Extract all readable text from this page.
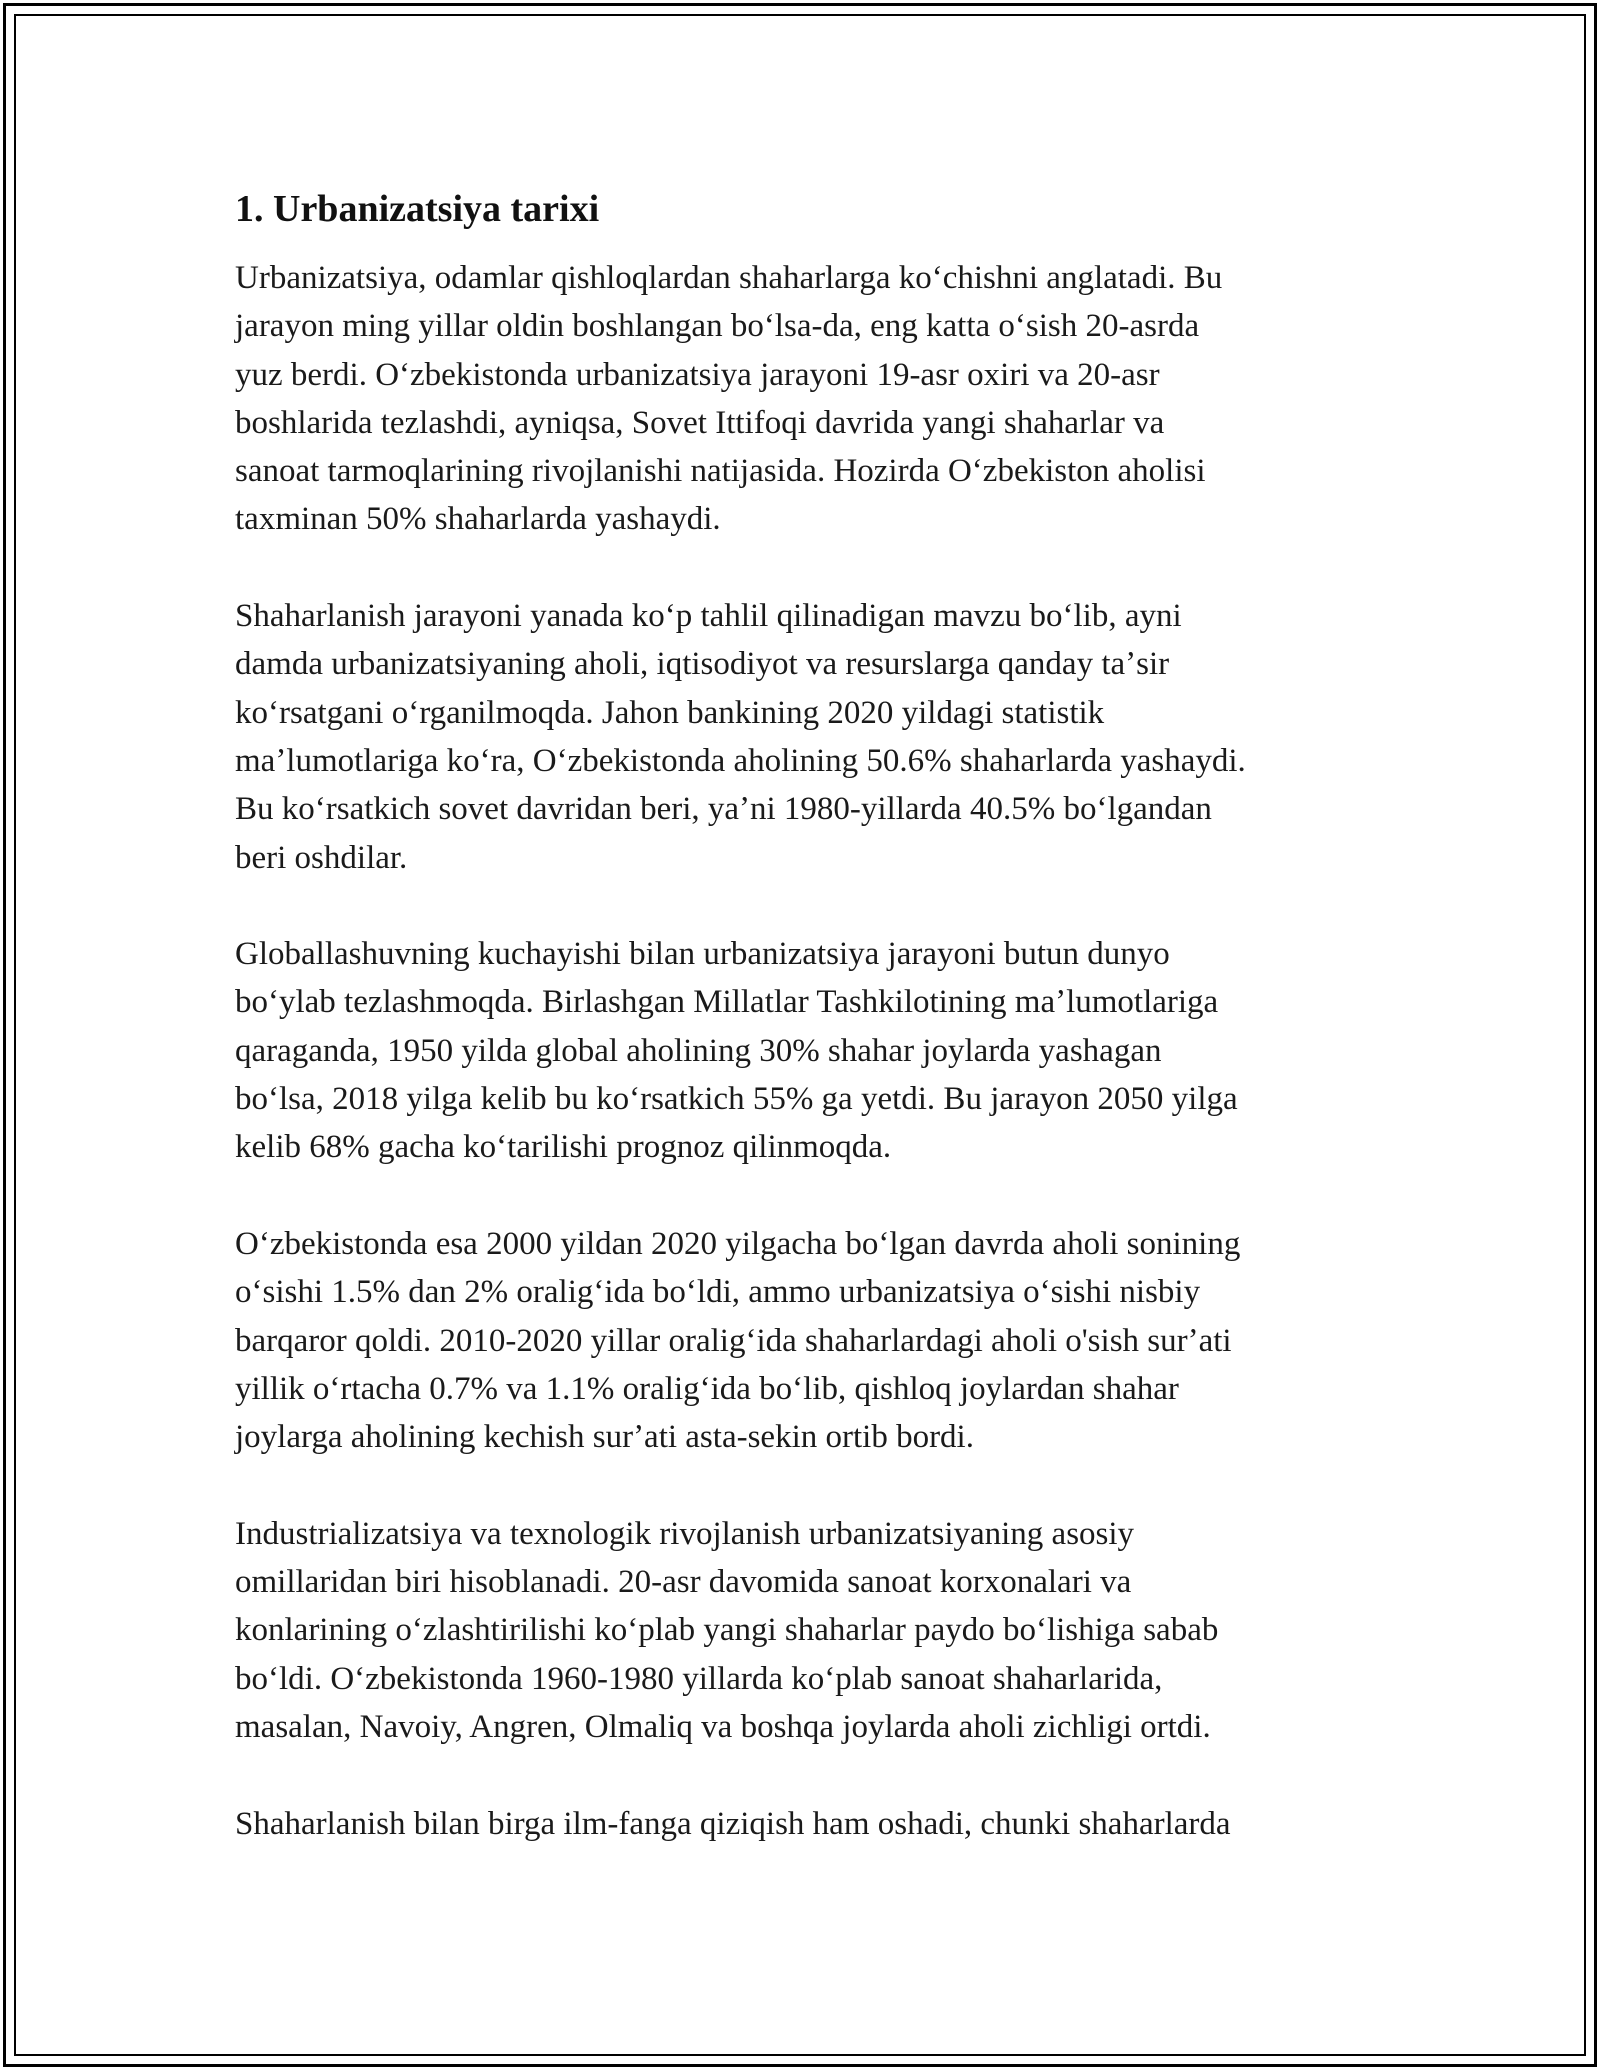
1. Urbanizatsiya tarixi

Urbanizatsiya, odamlar qishloqlardan shaharlarga koʻchishni anglatadi. Bu
jarayon ming yillar oldin boshlangan boʻlsa-da, eng katta oʻsish 20-asrda
yuz berdi. Oʻzbekistonda urbanizatsiya jarayoni 19-asr oxiri va 20-asr
boshlarida tezlashdi, ayniqsa, Sovet Ittifoqi davrida yangi shaharlar va
sanoat tarmoqlarining rivojlanishi natijasida. Hozirda Oʻzbekiston aholisi
taxminan 50% shaharlarda yashaydi.

Shaharlanish jarayoni yanada koʻp tahlil qilinadigan mavzu boʻlib, ayni
damda urbanizatsiyaning aholi, iqtisodiyot va resurslarga qanday taʼsir
koʻrsatgani oʻrganilmoqda. Jahon bankining 2020 yildagi statistik
maʼlumotlariga koʻra, Oʻzbekistonda aholining 50.6% shaharlarda yashaydi.
Bu koʻrsatkich sovet davridan beri, yaʼni 1980-yillarda 40.5% boʻlgandan
beri oshdilar.

Globallashuvning kuchayishi bilan urbanizatsiya jarayoni butun dunyo
boʻylab tezlashmoqda. Birlashgan Millatlar Tashkilotining maʼlumotlariga
qaraganda, 1950 yilda global aholining 30% shahar joylarda yashagan
boʻlsa, 2018 yilga kelib bu koʻrsatkich 55% ga yetdi. Bu jarayon 2050 yilga
kelib 68% gacha koʻtarilishi prognoz qilinmoqda.

Oʻzbekistonda esa 2000 yildan 2020 yilgacha boʻlgan davrda aholi sonining
oʻsishi 1.5% dan 2% oraligʻida boʻldi, ammo urbanizatsiya oʻsishi nisbiy
barqaror qoldi. 2010-2020 yillar oraligʻida shaharlardagi aholi o'sish surʼati
yillik oʻrtacha 0.7% va 1.1% oraligʻida boʻlib, qishloq joylardan shahar
joylarga aholining kechish surʼati asta-sekin ortib bordi.

Industrializatsiya va texnologik rivojlanish urbanizatsiyaning asosiy
omillaridan biri hisoblanadi. 20-asr davomida sanoat korxonalari va
konlarining oʻzlashtirilishi koʻplab yangi shaharlar paydo boʻlishiga sabab
boʻldi. Oʻzbekistonda 1960-1980 yillarda koʻplab sanoat shaharlarida,
masalan, Navoiy, Angren, Olmaliq va boshqa joylarda aholi zichligi ortdi.

Shaharlanish bilan birga ilm-fanga qiziqish ham oshadi, chunki shaharlarda
